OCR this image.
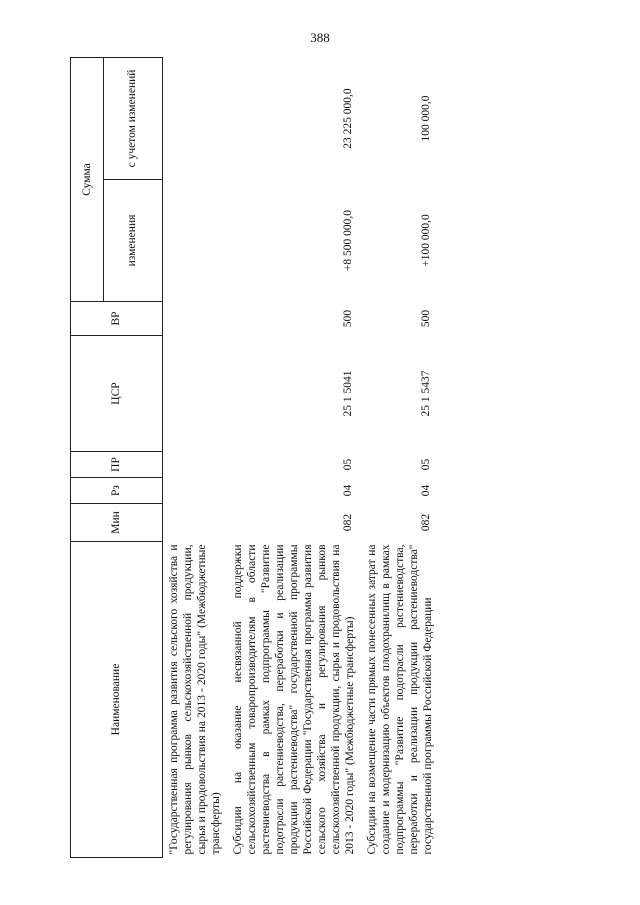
388
Наименование	Мин	Рз	ПР	ЦСР	ВР	Сумма	
						изменения	с учетом изменений
"Государственная программа развития сельского хозяйства и регулирования рынков сельскохозяйственной продукции, сырья и продовольствия на 2013 - 2020 годы" (Межбюджетные трансферты)							

Субсидии на оказание несвязанной поддержки сельскохозяйственным товаропроизводителям в области растениеводства в рамках подпрограммы "Развитие подотрасли растениеводства, переработки и реализации продукции растениеводства" государственной программы Российской Федерации "Государственная программа развития сельского хозяйства и регулирования рынков сельскохозяйственной продукции, сырья и продовольствия на 2013 - 2020 годы" (Межбюджетные трансферты)	082	04	05	25 1 5041	500	+8 500 000,0	23 225 000,0

Субсидии на возмещение части прямых понесенных затрат на создание и модернизацию объектов плодохранилищ в рамках подпрограммы "Развитие подотрасли растениеводства, переработки и реализации продукции растениеводства" государственной программы Российской Федерации	082	04	05	25 1 5437	500	+100 000,0	100 000,0
